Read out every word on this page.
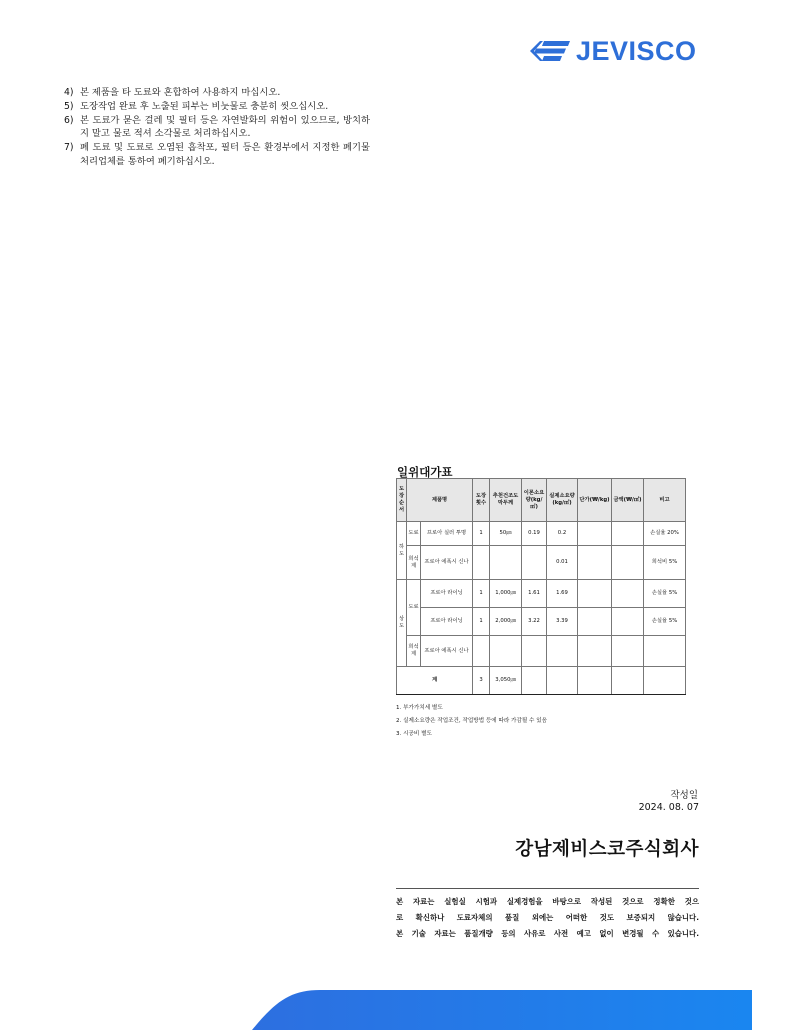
JEVISCO
4) 본 제품을 타 도료와 혼합하여 사용하지 마십시오.
5) 도장작업 완료 후 노출된 피부는 비눗물로 충분히 씻으십시오.
6) 본 도료가 묻은 걸레 및 필터 등은 자연발화의 위험이 있으므로, 방치하지 말고 물로 적셔 소각물로 처리하십시오.
7) 폐 도료 및 도료로 오염된 흡착포, 필터 등은 환경부에서 지정한 폐기물 처리업체를 통하여 폐기하십시오.
일위대가표
도장순서	제품명		도장횟수	추천건조도막두께	이론소요량(kg/㎡)	실제소요량(kg/㎡)	단가(₩/kg)	금액(₩/㎡)	비고
하도	도료	프로아 실러 투명	1	50㎛	0.19	0.2			손실율 20%
	희석제	프로아 에폭시 신나				0.01			희석비 5%
상도	도료	프로아 라이닝	1	1,000㎛	1.61	1.69			손실율 5%
		프로아 라이닝	1	2,000㎛	3.22	3.39			손실율 5%
	희석제	프로아 에폭시 신나							
계			3	3,050㎛					
1. 부가가치세 별도
2. 실제소요량은 작업조건, 작업방법 등에 따라 가감될 수 있음
3. 시공비 별도
작성일
2024. 08. 07
강남제비스코주식회사
본 자료는 실험실 시험과 실제경험을 바탕으로 작성된 것으로 정확한 것으
로 확신하나 도료자체의 품질 외에는 어떠한 것도 보증되지 않습니다.
본 기술 자료는 품질개량 등의 사유로 사전 예고 없이 변경될 수 있습니다.
